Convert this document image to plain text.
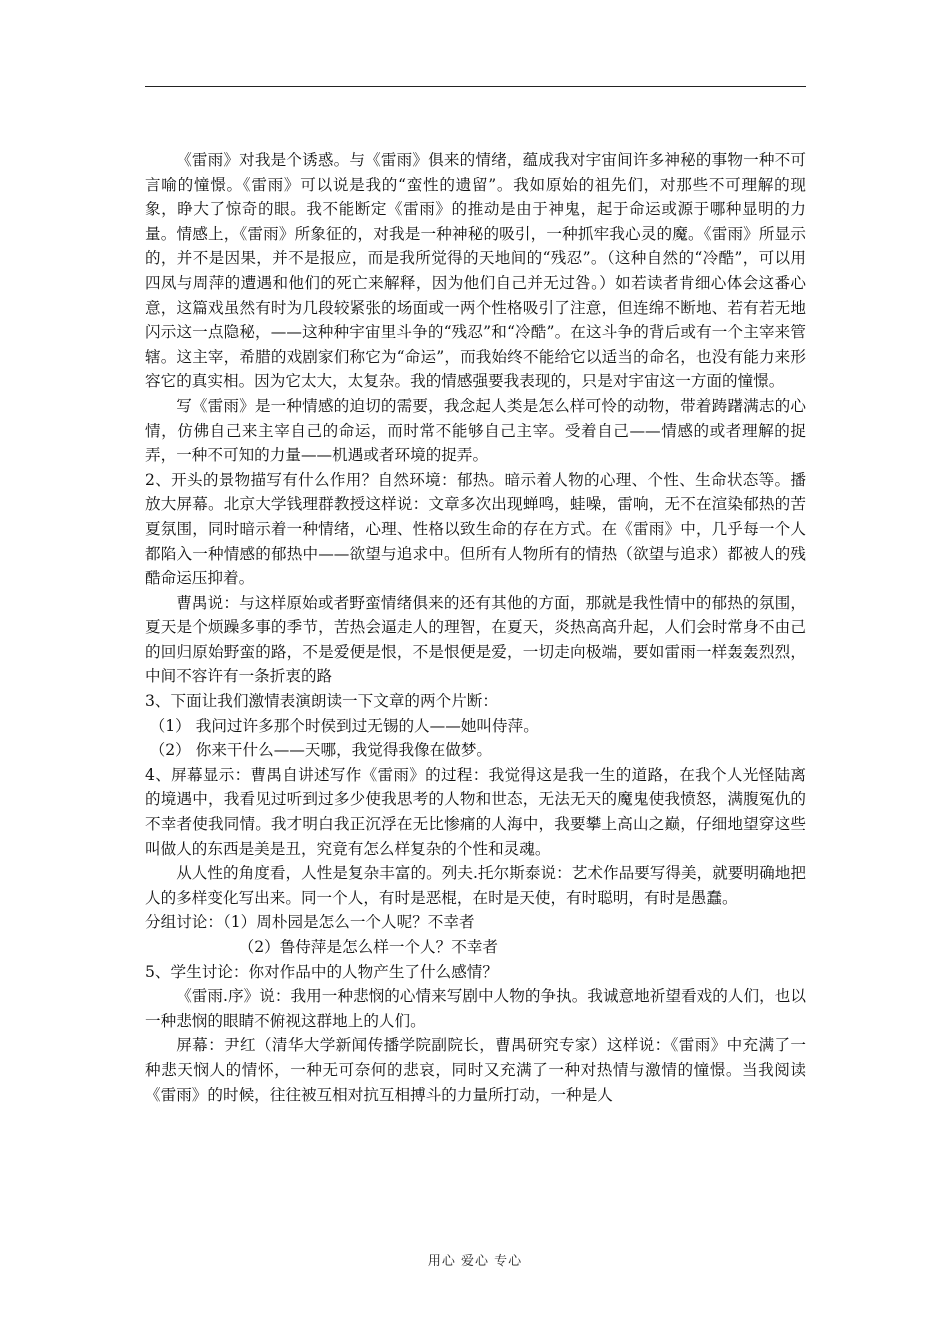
《雷雨》对我是个诱惑。与《雷雨》俱来的情绪，蕴成我对宇宙间许多神秘的事物一种不可言喻的憧憬。《雷雨》可以说是我的“蛮性的遗留”。我如原始的祖先们，对那些不可理解的现象，睁大了惊奇的眼。我不能断定《雷雨》的推动是由于神鬼，起于命运或源于哪种显明的力量。情感上，《雷雨》所象征的，对我是一种神秘的吸引，一种抓牢我心灵的魔。《雷雨》所显示的，并不是因果，并不是报应，而是我所觉得的天地间的“残忍”。（这种自然的“冷酷”，可以用四凤与周萍的遭遇和他们的死亡来解释，因为他们自己并无过咎。）如若读者肯细心体会这番心意，这篇戏虽然有时为几段较紧张的场面或一两个性格吸引了注意，但连绵不断地、若有若无地闪示这一点隐秘，——这种种宇宙里斗争的“残忍”和“冷酷”。在这斗争的背后或有一个主宰来管辖。这主宰，希腊的戏剧家们称它为“命运”，而我始终不能给它以适当的命名，也没有能力来形容它的真实相。因为它太大，太复杂。我的情感强要我表现的，只是对宇宙这一方面的憧憬。

写《雷雨》是一种情感的迫切的需要，我念起人类是怎么样可怜的动物，带着踌躇满志的心情，仿佛自己来主宰自己的命运，而时常不能够自己主宰。受着自己——情感的或者理解的捉弄，一种不可知的力量——机遇或者环境的捉弄。

2、开头的景物描写有什么作用？自然环境：郁热。暗示着人物的心理、个性、生命状态等。播放大屏幕。北京大学钱理群教授这样说：文章多次出现蝉鸣，蛙噪，雷响，无不在渲染郁热的苦夏氛围，同时暗示着一种情绪，心理、性格以致生命的存在方式。在《雷雨》中，几乎每一个人都陷入一种情感的郁热中——欲望与追求中。但所有人物所有的情热（欲望与追求）都被人的残酷命运压抑着。

曹禺说：与这样原始或者野蛮情绪俱来的还有其他的方面，那就是我性情中的郁热的氛围，夏天是个烦躁多事的季节，苦热会逼走人的理智，在夏天，炎热高高升起，人们会时常身不由己的回归原始野蛮的路，不是爱便是恨，不是恨便是爱，一切走向极端，要如雷雨一样轰轰烈烈，中间不容许有一条折衷的路

3、下面让我们激情表演朗读一下文章的两个片断：

（1） 我问过许多那个时侯到过无锡的人——她叫侍萍。

（2） 你来干什么——天哪，我觉得我像在做梦。

4、屏幕显示：曹禺自讲述写作《雷雨》的过程：我觉得这是我一生的道路，在我个人光怪陆离的境遇中，我看见过听到过多少使我思考的人物和世态，无法无天的魔鬼使我愤怒，满腹冤仇的不幸者使我同情。我才明白我正沉浮在无比惨痛的人海中，我要攀上高山之巅，仔细地望穿这些叫做人的东西是美是丑，究竟有怎么样复杂的个性和灵魂。

从人性的角度看，人性是复杂丰富的。列夫.托尔斯泰说：艺术作品要写得美，就要明确地把人的多样变化写出来。同一个人，有时是恶棍，在时是天使，有时聪明，有时是愚蠢。

分组讨论：（1）周朴园是怎么一个人呢？不幸者

（2）鲁侍萍是怎么样一个人？不幸者

5、学生讨论：你对作品中的人物产生了什么感情？

《雷雨.序》说：我用一种悲悯的心情来写剧中人物的争执。我诚意地祈望看戏的人们，也以一种悲悯的眼睛不俯视这群地上的人们。

屏幕：尹红（清华大学新闻传播学院副院长，曹禺研究专家）这样说：《雷雨》中充满了一种悲天悯人的情怀，一种无可奈何的悲哀，同时又充满了一种对热情与激情的憧憬。当我阅读《雷雨》的时候，往往被互相对抗互相搏斗的力量所打动，一种是人

用心 爱心 专心
